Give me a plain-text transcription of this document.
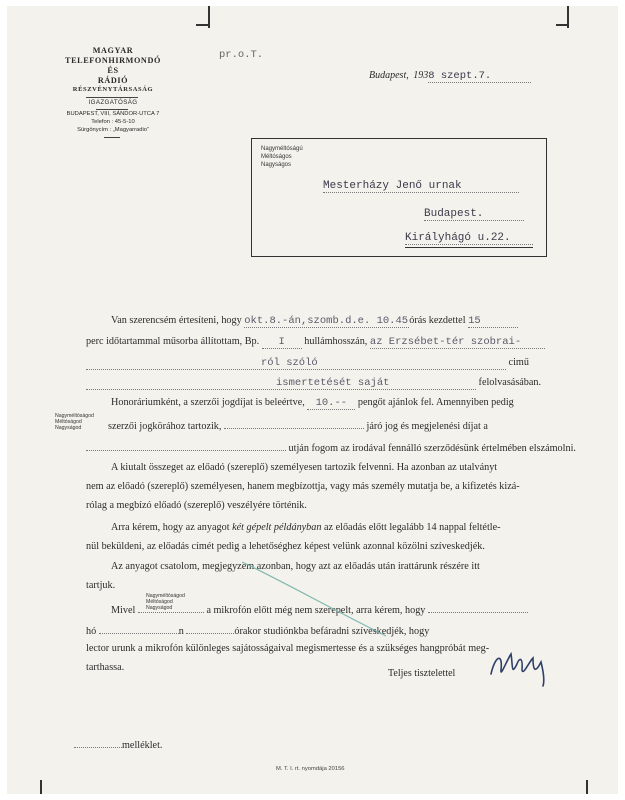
MAGYAR
TELEFONHIRMONDÓ
ÉS
RÁDIÓ
RÉSZVÉNYTÁRSASÁG
IGAZGATÓSÁG
BUDAPEST, VIII, SÁNDOR-UTCA 7
Telefon : 45-5-10
Sürgönycím : „Magyarradio”
pr.o.T.
Budapest, 1938 szept.7.
Nagyméltóságú
Méltóságos
Nagyságos
Mesterházy Jenő urnak
Budapest.
Királyhágó u.22.
Van szerencsém értesíteni, hogy okt.8.-án,szomb.d.e. 10.45órás kezdettel 15
perc időtartammal műsorba állítottam, Bp. I hullámhosszán, az Erzsébet-tér szobrai-
ról szóló	cimű
ismertetését saját	felolvasásában.
Honoráriumként, a szerzői jogdíjat is beleértve, 10.-- pengőt ajánlok fel. Amennyiben pedig
Nagyméltóságod
Méltóságod
Nagyságod	szerzői jogkörához tartozik,	járó jog és megjelenési díjat a
utján fogom az irodával fennálló szerződésünk értelmében elszámolni.
A kiutalt összeget az előadó (szereplő) személyesen tartozik felvenni. Ha azonban az utalványt
nem az előadó (szereplő) személyesen, hanem megbízottja, vagy más személy mutatja be, a kifizetés kizá-
rólag a megbízó előadó (szereplő) veszélyére történik.
Arra kérem, hogy az anyagot két gépelt példányban az előadás előtt legalább 14 nappal feltétle-
nül beküldeni, az előadás címét pedig a lehetőséghez képest velünk azonnal közölni szíveskedjék.
Az anyagot csatolom, megjegyzem azonban, hogy azt az előadás után irattárunk részére itt
tartjuk.
Mivel	a mikrofón előtt még nem szerepelt, arra kérem, hogy
Nagyméltóságod
Méltóságod
Nagyságod
hó	n	órakor studiónkba befáradni szíveskedjék, hogy
lector urunk a mikrofón különleges sajátosságaival megismertesse és a szükséges hangpróbát meg-
tarthassa.
Teljes tisztelettel
melléklet.
M. T. I. rt. nyomdája 20156
